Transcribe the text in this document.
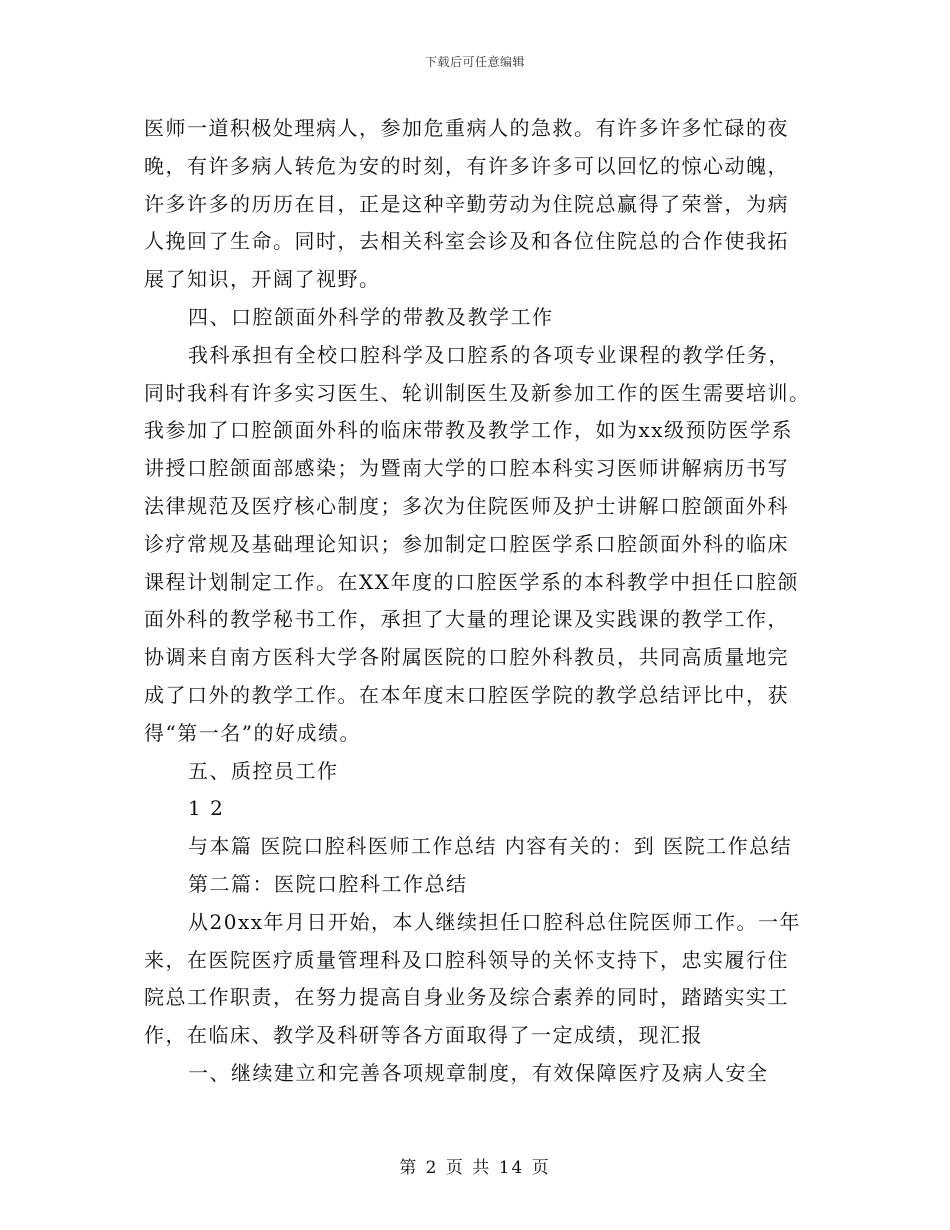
下载后可任意编辑
医师一道积极处理病人，参加危重病人的急救。有许多许多忙碌的夜
晚，有许多病人转危为安的时刻，有许多许多可以回忆的惊心动魄，
许多许多的历历在目，正是这种辛勤劳动为住院总赢得了荣誉，为病
人挽回了生命。同时，去相关科室会诊及和各位住院总的合作使我拓
展了知识，开阔了视野。
四、口腔颌面外科学的带教及教学工作
我科承担有全校口腔科学及口腔系的各项专业课程的教学任务，
同时我科有许多实习医生、轮训制医生及新参加工作的医生需要培训。
我参加了口腔颌面外科的临床带教及教学工作，如为xx级预防医学系
讲授口腔颌面部感染；为暨南大学的口腔本科实习医师讲解病历书写
法律规范及医疗核心制度；多次为住院医师及护士讲解口腔颌面外科
诊疗常规及基础理论知识；参加制定口腔医学系口腔颌面外科的临床
课程计划制定工作。在XX年度的口腔医学系的本科教学中担任口腔颌
面外科的教学秘书工作，承担了大量的理论课及实践课的教学工作，
协调来自南方医科大学各附属医院的口腔外科教员，共同高质量地完
成了口外的教学工作。在本年度末口腔医学院的教学总结评比中，获
得“第一名”的好成绩。
五、质控员工作
1 2
与本篇 医院口腔科医师工作总结 内容有关的：到 医院工作总结
第二篇：医院口腔科工作总结
从20xx年月日开始，本人继续担任口腔科总住院医师工作。一年
来，在医院医疗质量管理科及口腔科领导的关怀支持下，忠实履行住
院总工作职责，在努力提高自身业务及综合素养的同时，踏踏实实工
作，在临床、教学及科研等各方面取得了一定成绩，现汇报
一、继续建立和完善各项规章制度，有效保障医疗及病人安全
第 2 页 共 14 页
